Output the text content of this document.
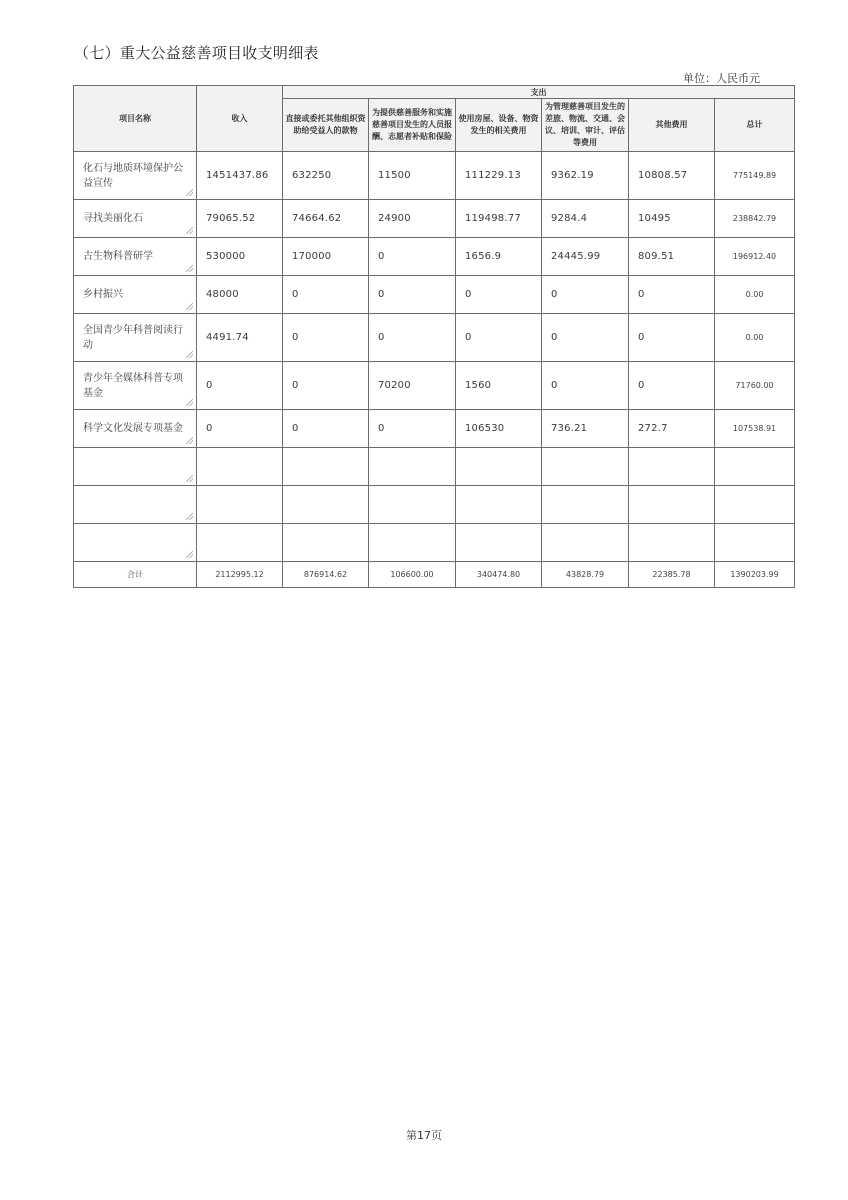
（七）重大公益慈善项目收支明细表
单位：人民币元
项目名称	收入	支出					
		直接或委托其他组织资助给受益人的款物	为提供慈善服务和实施慈善项目发生的人员报酬、志愿者补贴和保险	使用房屋、设备、物资发生的相关费用	为管理慈善项目发生的差旅、物流、交通、会议、培训、审计、评估等费用	其他费用	总计
化石与地质环境保护公益宣传	1451437.86	632250	11500	111229.13	9362.19	10808.57	775149.89
寻找美丽化石	79065.52	74664.62	24900	119498.77	9284.4	10495	238842.79
古生物科普研学	530000	170000	0	1656.9	24445.99	809.51	196912.40
乡村振兴	48000	0	0	0	0	0	0.00
全国青少年科普阅读行动	4491.74	0	0	0	0	0	0.00
青少年全媒体科普专项基金	0	0	70200	1560	0	0	71760.00
科学文化发展专项基金	0	0	0	106530	736.21	272.7	107538.91

合计	2112995.12	876914.62	106600.00	340474.80	43828.79	22385.78	1390203.99
第17页
